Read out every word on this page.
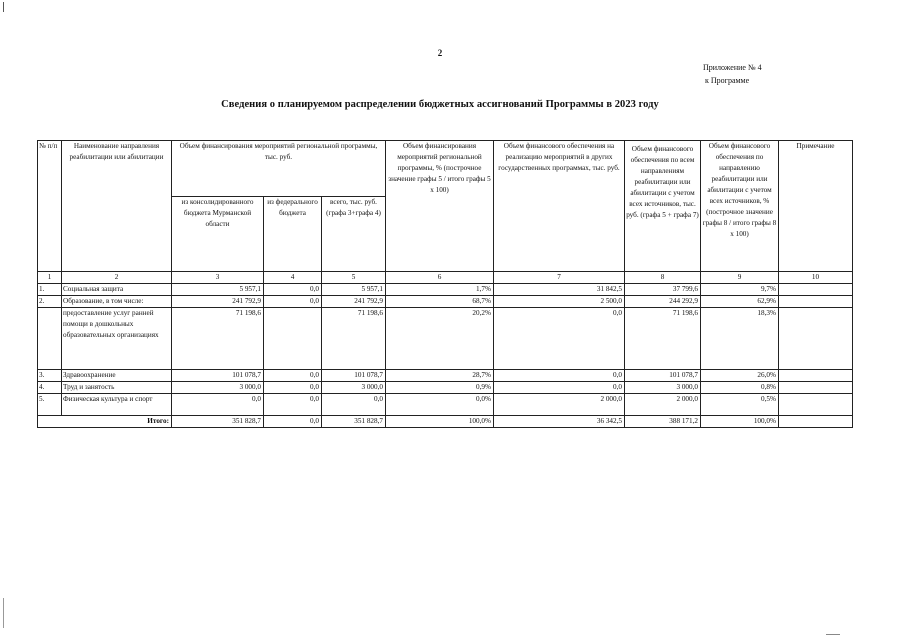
2
Приложение № 4
к Программе
Сведения о планируемом распределении бюджетных ассигнований Программы в 2023 году
№ п/п	Наименование направления реабилитации или абилитации	Объем финансирования мероприятий региональной программы, тыс. руб.			Объем финансирования мероприятий региональной программы, % (построчное значение графы 5 / итого графы 5 х 100)	Объем финансового обеспечения на реализацию мероприятий в других государственных программах, тыс. руб.	Объем финансового обеспечения по всем направлениям реабилитации или абилитации с учетом всех источников, тыс. руб. (графа 5 + графа 7)	Объем финансового обеспечения по направлению реабилитации или абилитации с учетом всех источников, % (построчное значение графы 8 / итого графы 8 х 100)	Примечание
		из консолидированного бюджета Мурманской области	из федерального бюджета	всего, тыс. руб. (графа 3+графа 4)					
1	2	3	4	5	6	7	8	9	10
1.	Социальная защита	5 957,1	0,0	5 957,1	1,7%	31 842,5	37 799,6	9,7%	
2.	Образование, в том числе:	241 792,9	0,0	241 792,9	68,7%	2 500,0	244 292,9	62,9%	
	предоставление услуг ранней помощи в дошкольных образовательных организациях	71 198,6		71 198,6	20,2%	0,0	71 198,6	18,3%	
3.	Здравоохранение	101 078,7	0,0	101 078,7	28,7%	0,0	101 078,7	26,0%	
4.	Труд и занятость	3 000,0	0,0	3 000,0	0,9%	0,0	3 000,0	0,8%	
5.	Физическая культура и спорт	0,0	0,0	0,0	0,0%	2 000,0	2 000,0	0,5%	
Итого:		351 828,7	0,0	351 828,7	100,0%	36 342,5	388 171,2	100,0%	
